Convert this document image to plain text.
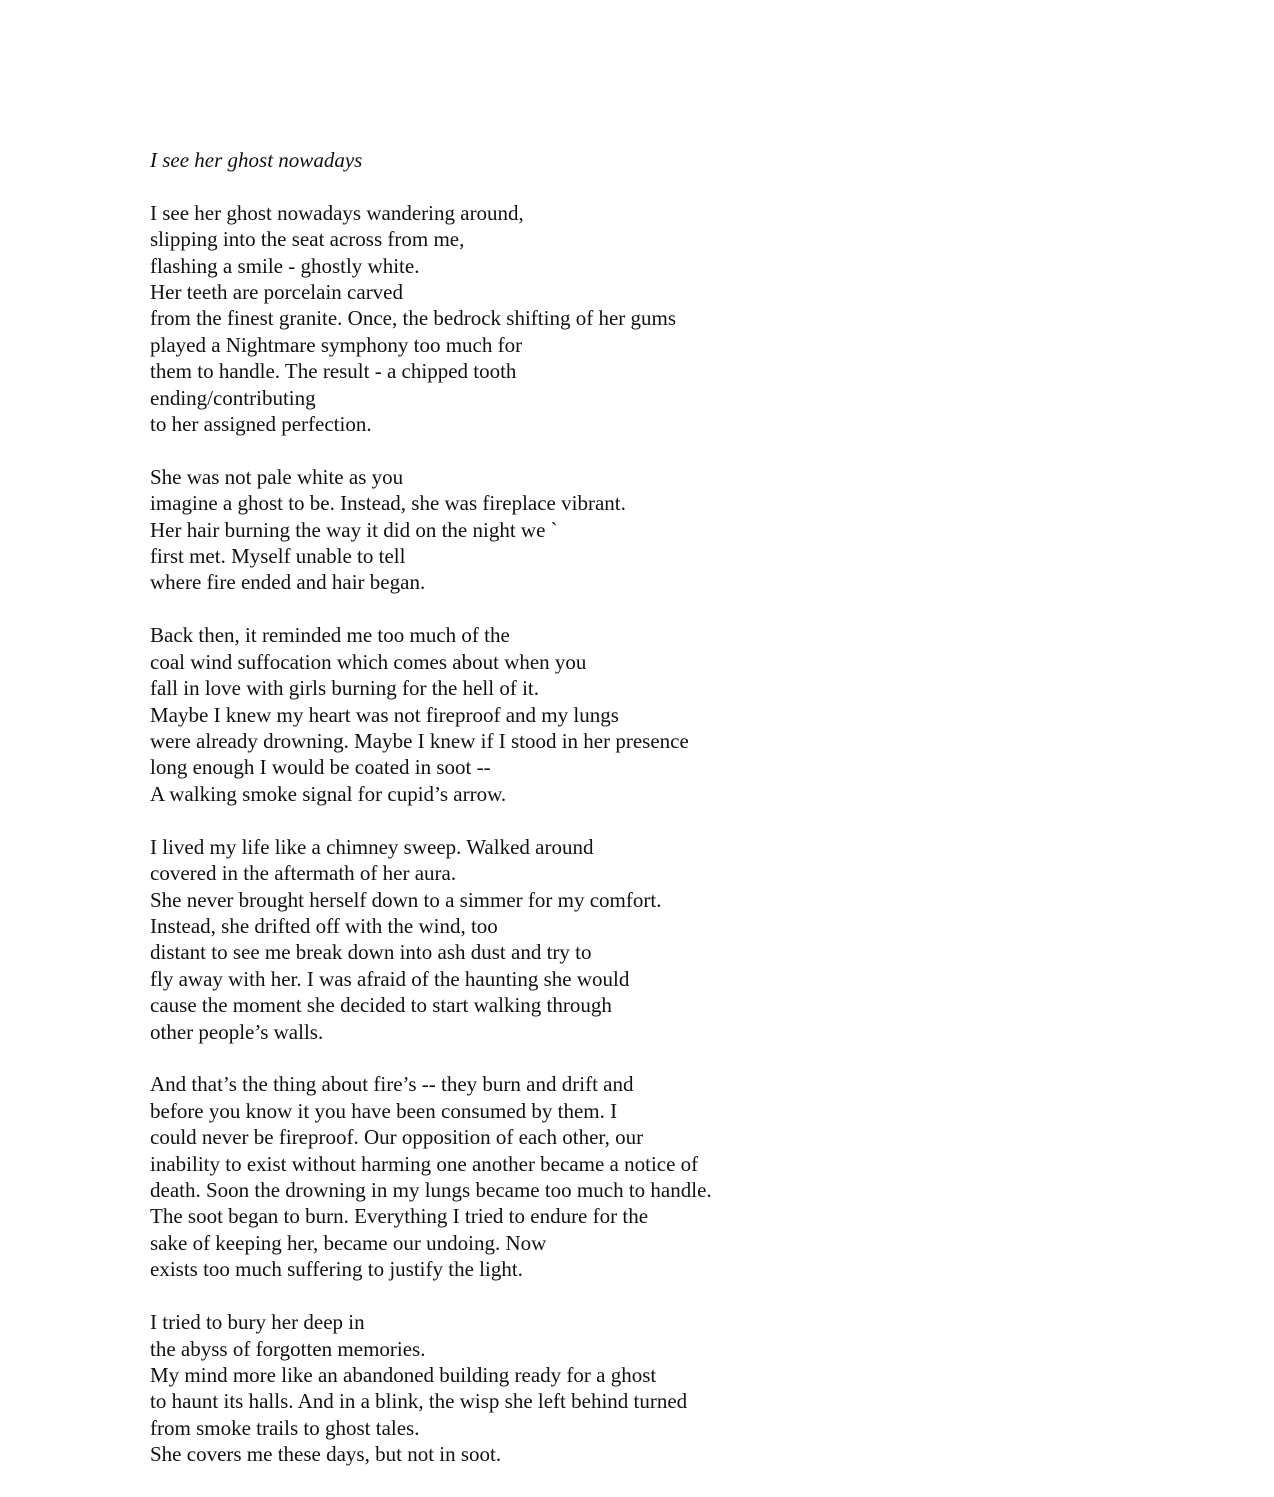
I see her ghost nowadays
I see her ghost nowadays wandering around,
slipping into the seat across from me,
flashing a smile - ghostly white.
Her teeth are porcelain carved
from the finest granite. Once, the bedrock shifting of her gums
played a Nightmare symphony too much for
them to handle. The result - a chipped tooth
ending/contributing
to her assigned perfection.
She was not pale white as you
imagine a ghost to be. Instead, she was fireplace vibrant.
Her hair burning the way it did on the night we `
first met. Myself unable to tell
where fire ended and hair began.
Back then, it reminded me too much of the
coal wind suffocation which comes about when you
fall in love with girls burning for the hell of it.
Maybe I knew my heart was not fireproof and my lungs
were already drowning. Maybe I knew if I stood in her presence
long enough I would be coated in soot --
A walking smoke signal for cupid’s arrow.
I lived my life like a chimney sweep. Walked around
covered in the aftermath of her aura.
She never brought herself down to a simmer for my comfort.
Instead, she drifted off with the wind, too
distant to see me break down into ash dust and try to
fly away with her. I was afraid of the haunting she would
cause the moment she decided to start walking through
other people’s walls.
And that’s the thing about fire’s -- they burn and drift and
before you know it you have been consumed by them. I
could never be fireproof. Our opposition of each other, our
inability to exist without harming one another became a notice of
death. Soon the drowning in my lungs became too much to handle.
The soot began to burn. Everything I tried to endure for the
sake of keeping her, became our undoing. Now
exists too much suffering to justify the light.
I tried to bury her deep in
the abyss of forgotten memories.
My mind more like an abandoned building ready for a ghost
to haunt its halls. And in a blink, the wisp she left behind turned
from smoke trails to ghost tales.
She covers me these days, but not in soot.
